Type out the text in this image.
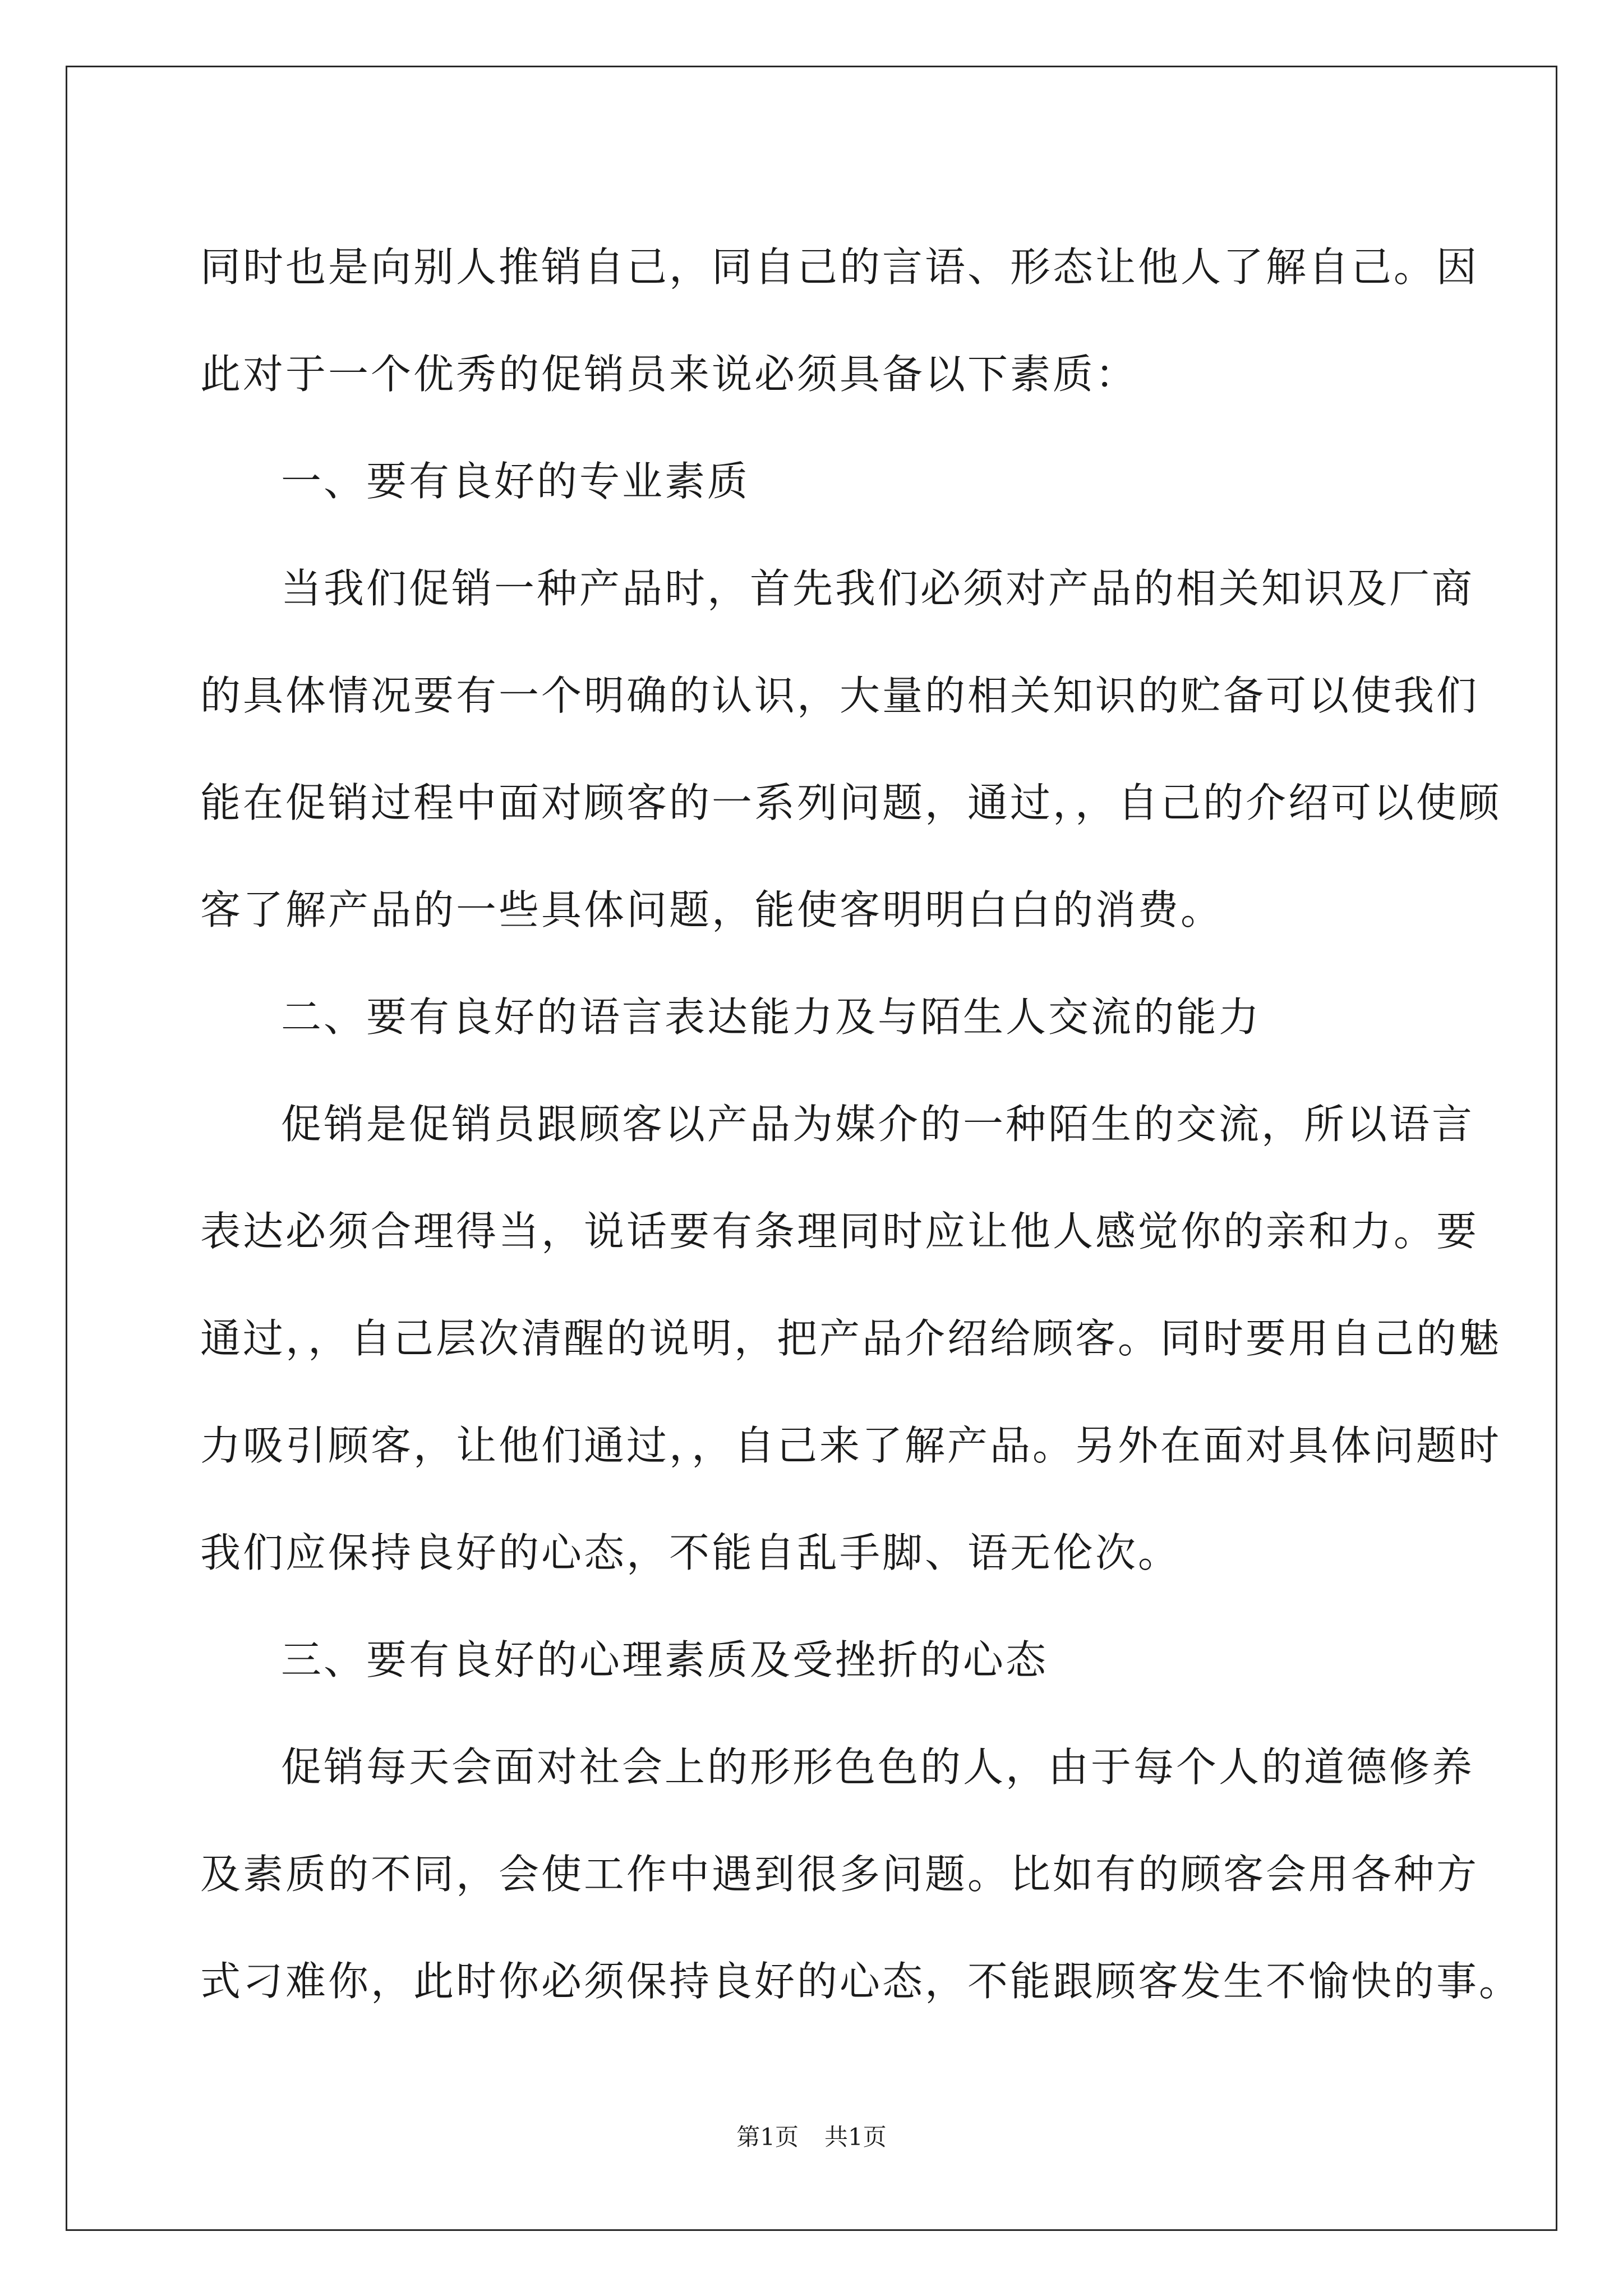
同时也是向别人推销自己，同自己的言语、形态让他人了解自己。因
此对于一个优秀的促销员来说必须具备以下素质：
一、要有良好的专业素质
当我们促销一种产品时，首先我们必须对产品的相关知识及厂商
的具体情况要有一个明确的认识，大量的相关知识的贮备可以使我们
能在促销过程中面对顾客的一系列问题，通过，，自己的介绍可以使顾
客了解产品的一些具体问题，能使客明明白白的消费。
二、要有良好的语言表达能力及与陌生人交流的能力
促销是促销员跟顾客以产品为媒介的一种陌生的交流，所以语言
表达必须合理得当，说话要有条理同时应让他人感觉你的亲和力。要
通过，，自己层次清醒的说明，把产品介绍给顾客。同时要用自己的魅
力吸引顾客，让他们通过，，自己来了解产品。另外在面对具体问题时
我们应保持良好的心态，不能自乱手脚、语无伦次。
三、要有良好的心理素质及受挫折的心态
促销每天会面对社会上的形形色色的人，由于每个人的道德修养
及素质的不同，会使工作中遇到很多问题。比如有的顾客会用各种方
式刁难你，此时你必须保持良好的心态，不能跟顾客发生不愉快的事。
第1页 共1页
